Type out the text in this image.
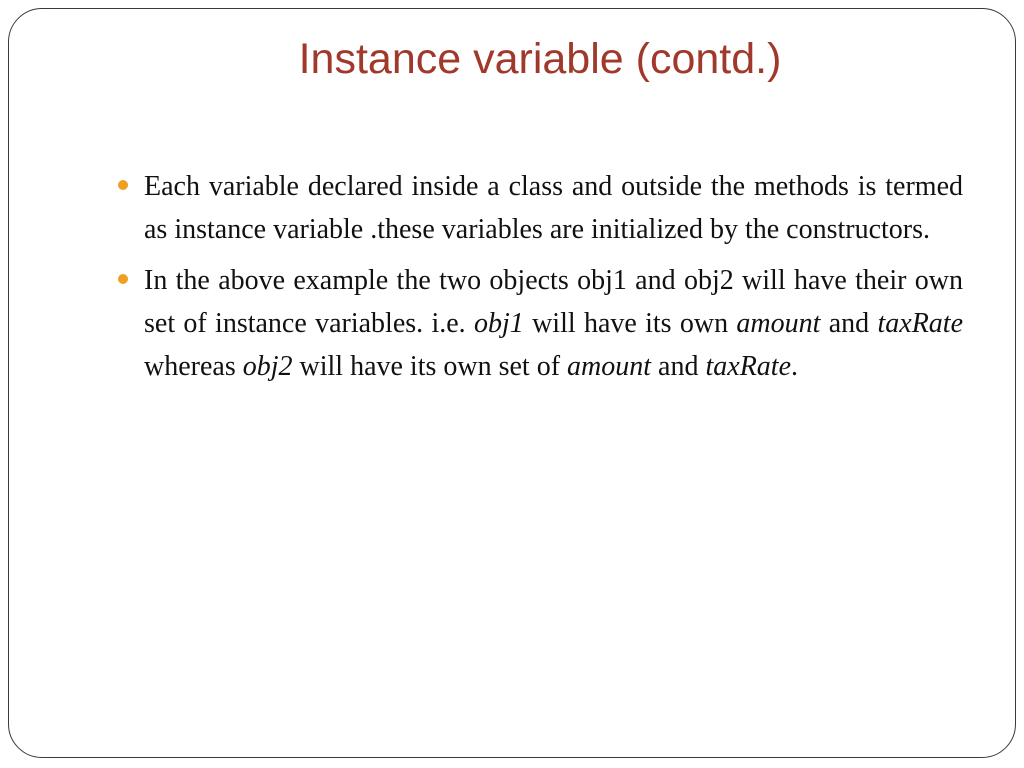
Instance variable (contd.)
Each variable declared inside a class and outside the methods is termed as instance variable .these variables are initialized by the constructors.
In the above example the two objects obj1 and obj2 will have their own set of instance variables. i.e. obj1 will have its own amount and taxRate whereas obj2 will have its own set of amount and taxRate.
